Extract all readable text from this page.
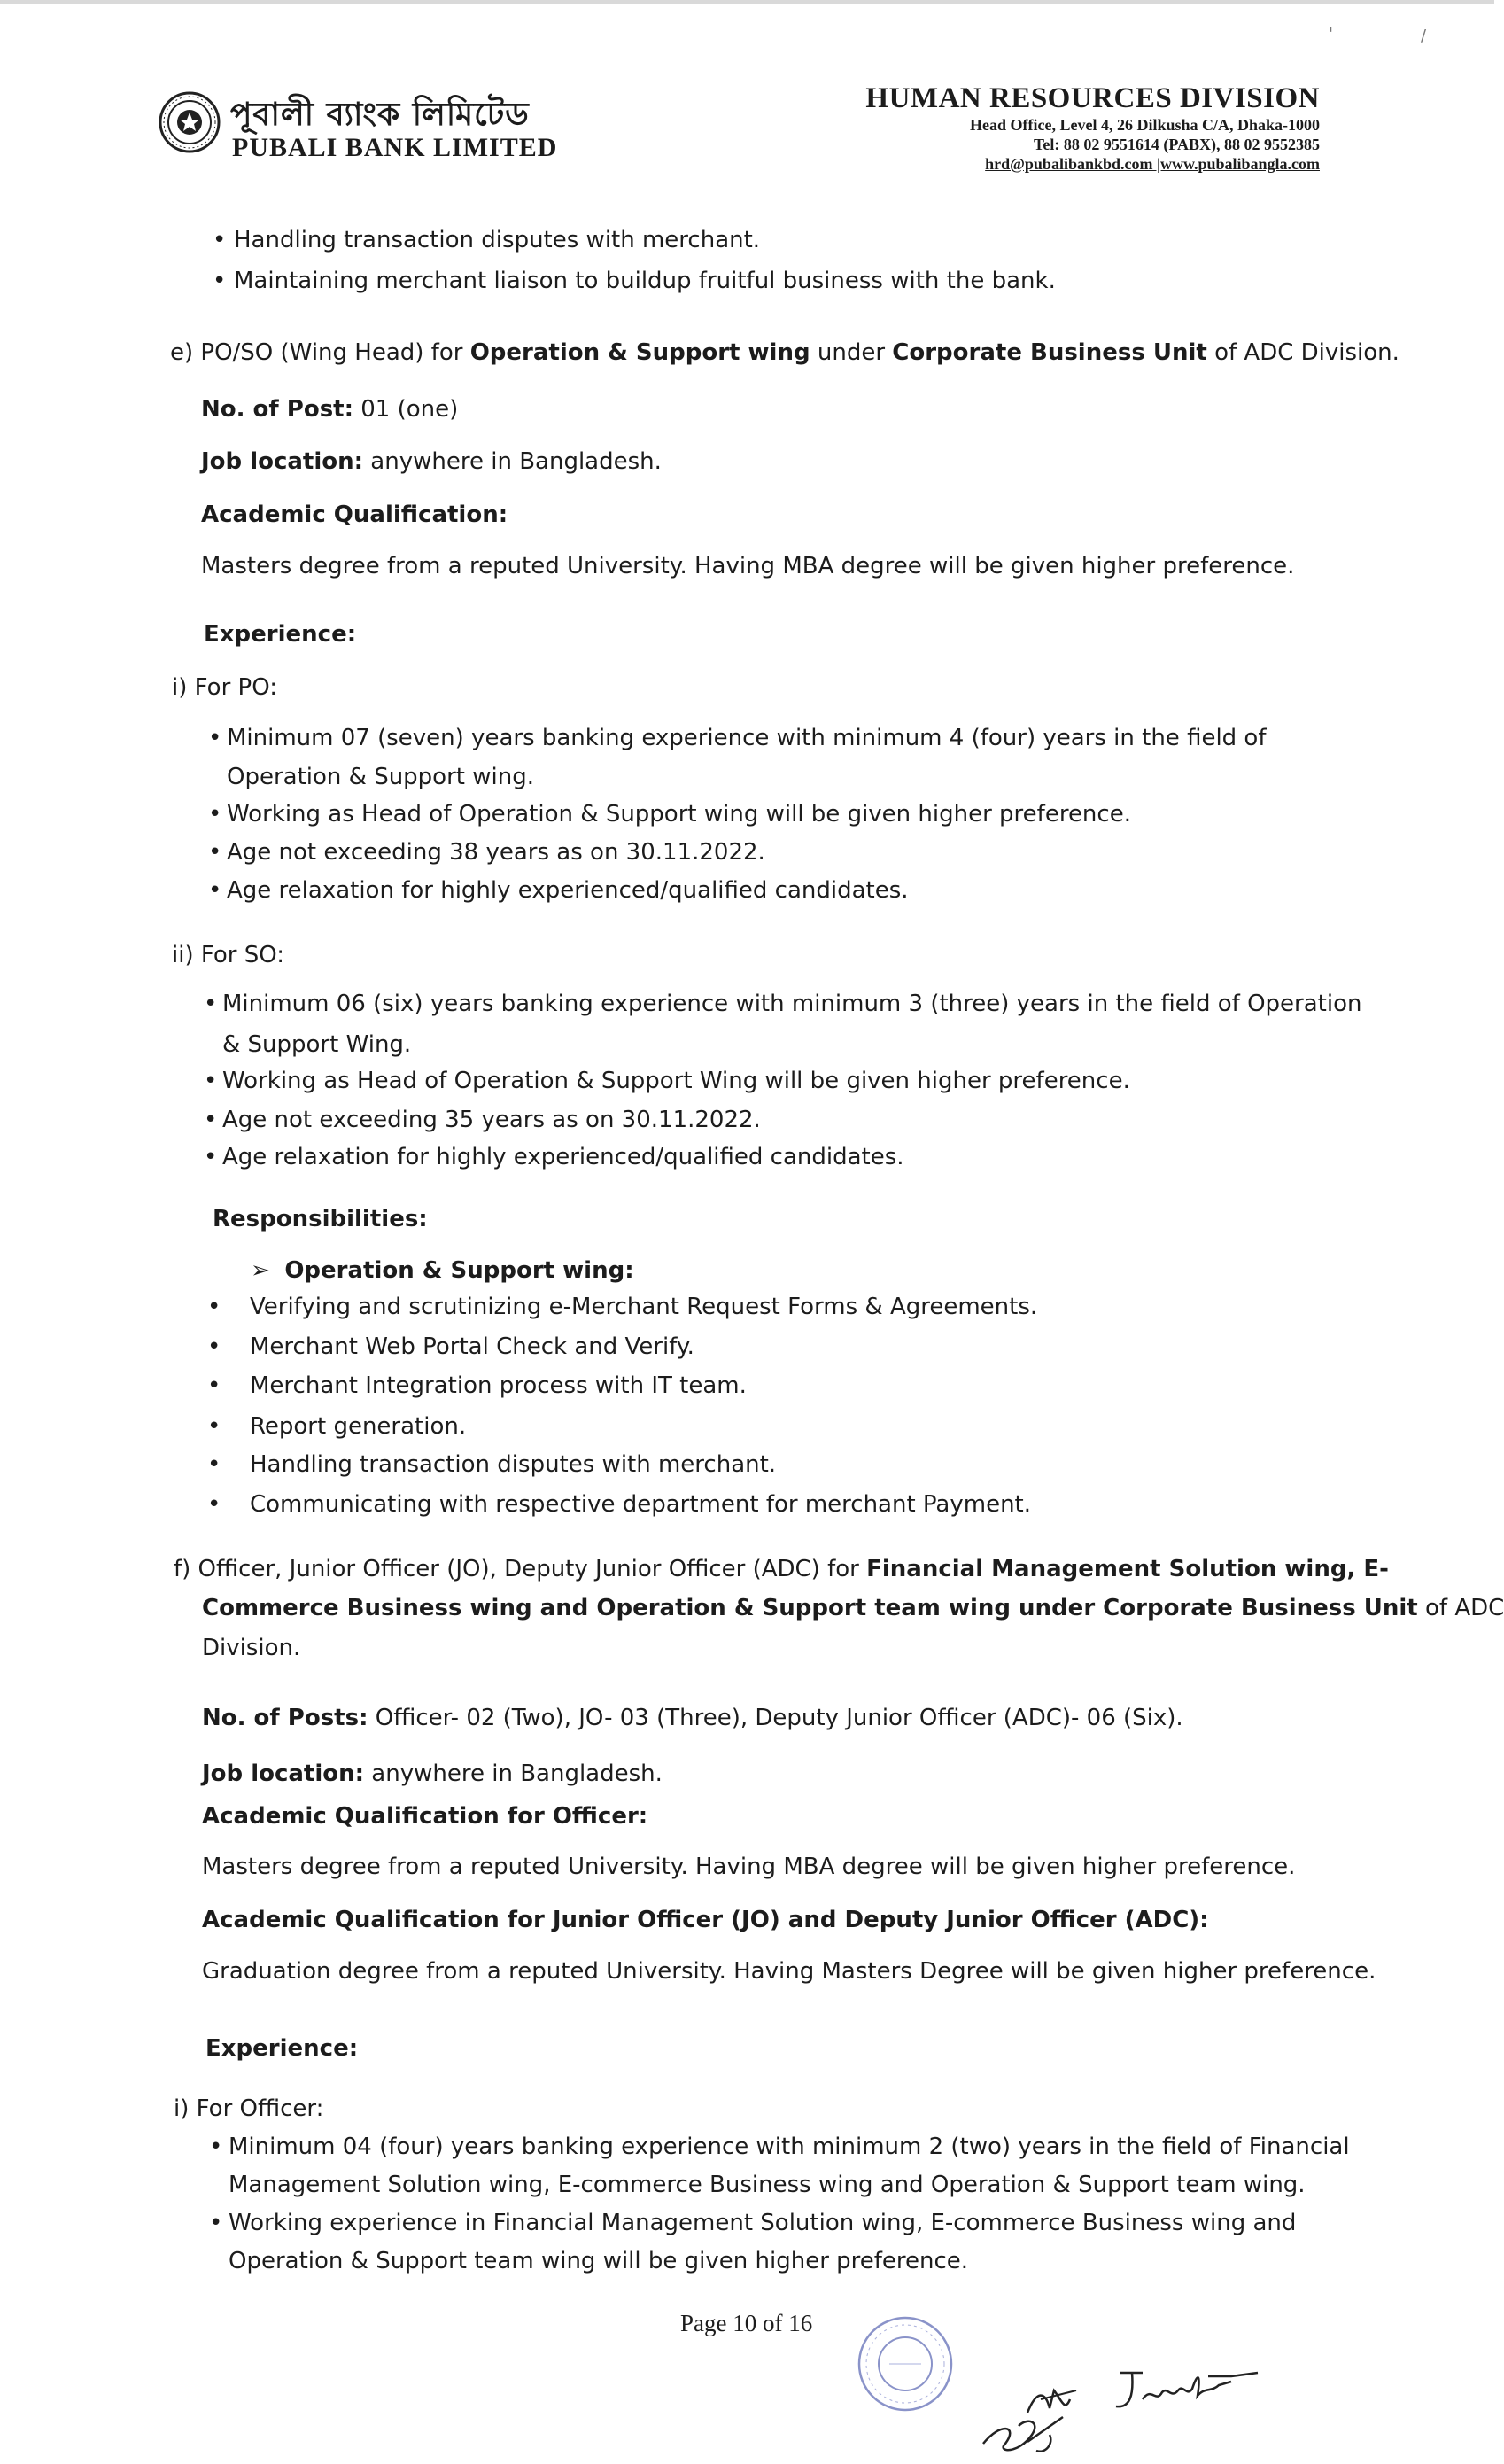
পূবালী ব্যাংক লিমিটেড
PUBALI BANK LIMITED
HUMAN RESOURCES DIVISION
Head Office, Level 4, 26 Dilkusha C/A, Dhaka-1000
Tel: 88 02 9551614 (PABX), 88 02 9552385
hrd@pubalibankbd.com |www.pubalibangla.com
'	/
• Handling transaction disputes with merchant.
• Maintaining merchant liaison to buildup fruitful business with the bank.
e) PO/SO (Wing Head) for Operation & Support wing under Corporate Business Unit of ADC Division.
No. of Post: 01 (one)
Job location: anywhere in Bangladesh.
Academic Qualification:
Masters degree from a reputed University. Having MBA degree will be given higher preference.
Experience:
i) For PO:
• Minimum 07 (seven) years banking experience with minimum 4 (four) years in the field of
Operation & Support wing.
• Working as Head of Operation & Support wing will be given higher preference.
• Age not exceeding 38 years as on 30.11.2022.
• Age relaxation for highly experienced/qualified candidates.
ii) For SO:
• Minimum 06 (six) years banking experience with minimum 3 (three) years in the field of Operation
& Support Wing.
• Working as Head of Operation & Support Wing will be given higher preference.
• Age not exceeding 35 years as on 30.11.2022.
• Age relaxation for highly experienced/qualified candidates.
Responsibilities:
➢  Operation & Support wing:
• Verifying and scrutinizing e-Merchant Request Forms & Agreements.
• Merchant Web Portal Check and Verify.
• Merchant Integration process with IT team.
• Report generation.
• Handling transaction disputes with merchant.
• Communicating with respective department for merchant Payment.
f) Officer, Junior Officer (JO), Deputy Junior Officer (ADC) for Financial Management Solution wing, E-
Commerce Business wing and Operation & Support team wing under Corporate Business Unit of ADC
Division.
No. of Posts: Officer- 02 (Two), JO- 03 (Three), Deputy Junior Officer (ADC)- 06 (Six).
Job location: anywhere in Bangladesh.
Academic Qualification for Officer:
Masters degree from a reputed University. Having MBA degree will be given higher preference.
Academic Qualification for Junior Officer (JO) and Deputy Junior Officer (ADC):
Graduation degree from a reputed University. Having Masters Degree will be given higher preference.
Experience:
i) For Officer:
• Minimum 04 (four) years banking experience with minimum 2 (two) years in the field of Financial
Management Solution wing, E-commerce Business wing and Operation & Support team wing.
• Working experience in Financial Management Solution wing, E-commerce Business wing and
Operation & Support team wing will be given higher preference.
Page 10 of 16
